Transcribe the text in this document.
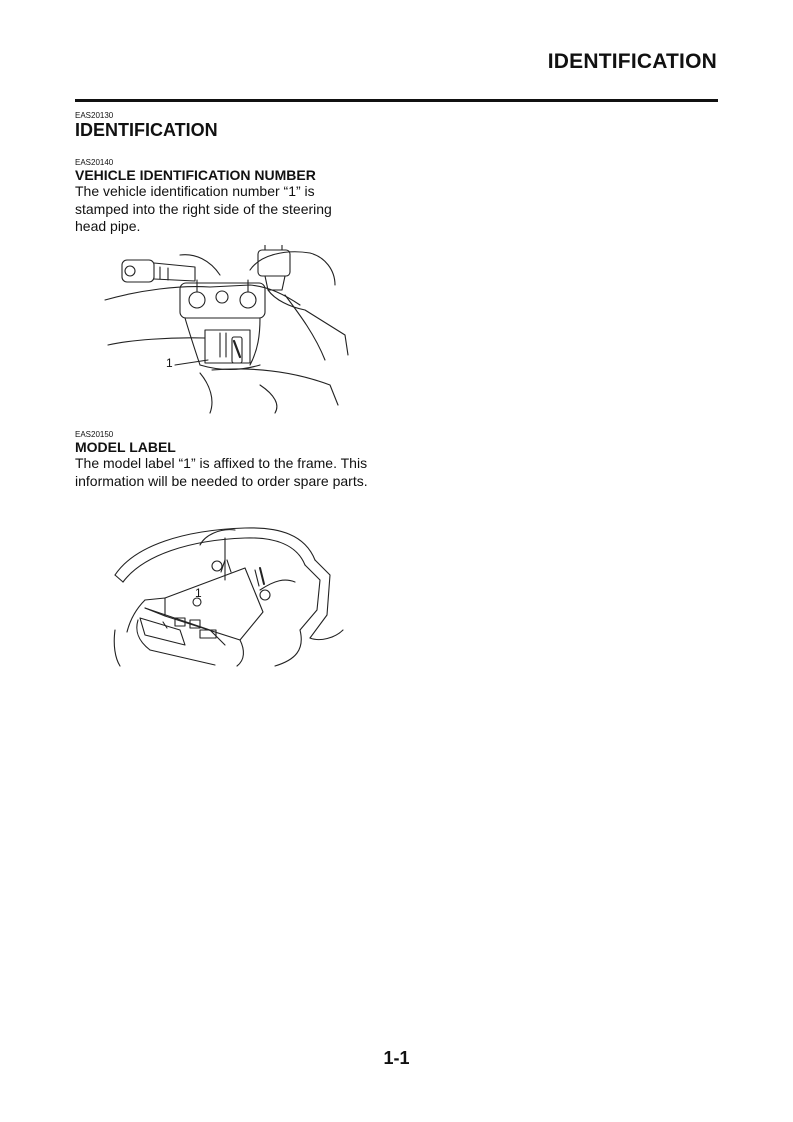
IDENTIFICATION
EAS20130
IDENTIFICATION
EAS20140
VEHICLE IDENTIFICATION NUMBER
The vehicle identification number “1” is stamped into the right side of the steering head pipe.
1
EAS20150
MODEL LABEL
The model label “1” is affixed to the frame. This information will be needed to order spare parts.
1
1-1
